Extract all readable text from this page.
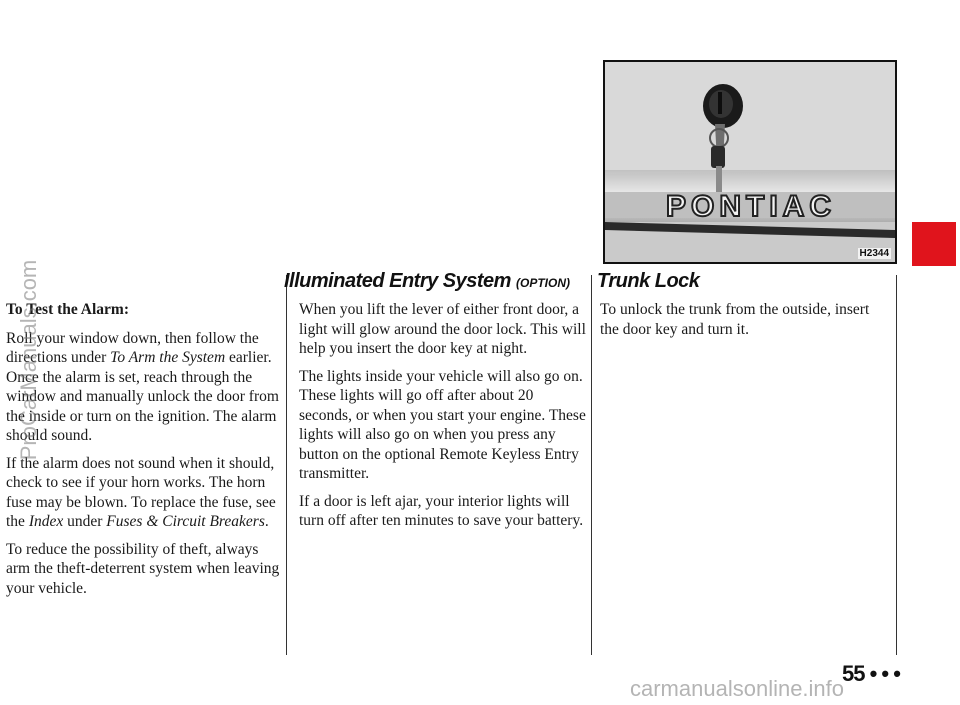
To Test the Alarm:

Roll your window down, then follow the directions under To Arm the System earlier. Once the alarm is set, reach through the window and manually unlock the door from the inside or turn on the ignition. The alarm should sound.

If the alarm does not sound when it should, check to see if your horn works. The horn fuse may be blown. To replace the fuse, see the Index under Fuses & Circuit Breakers.

To reduce the possibility of theft, always arm the theft-deterrent system when leaving your vehicle.

Illuminated Entry System (OPTION)

When you lift the lever of either front door, a light will glow around the door lock. This will help you insert the door key at night.

The lights inside your vehicle will also go on. These lights will go off after about 20 seconds, or when you start your engine. These lights will also go on when you press any button on the optional Remote Keyless Entry transmitter.

If a door is left ajar, your interior lights will turn off after ten minutes to save your battery.

PONTIAC
H2344
Trunk Lock

To unlock the trunk from the outside, insert the door key and turn it.

55 • • •
ProCarManuals.com
carmanualsonline.info
